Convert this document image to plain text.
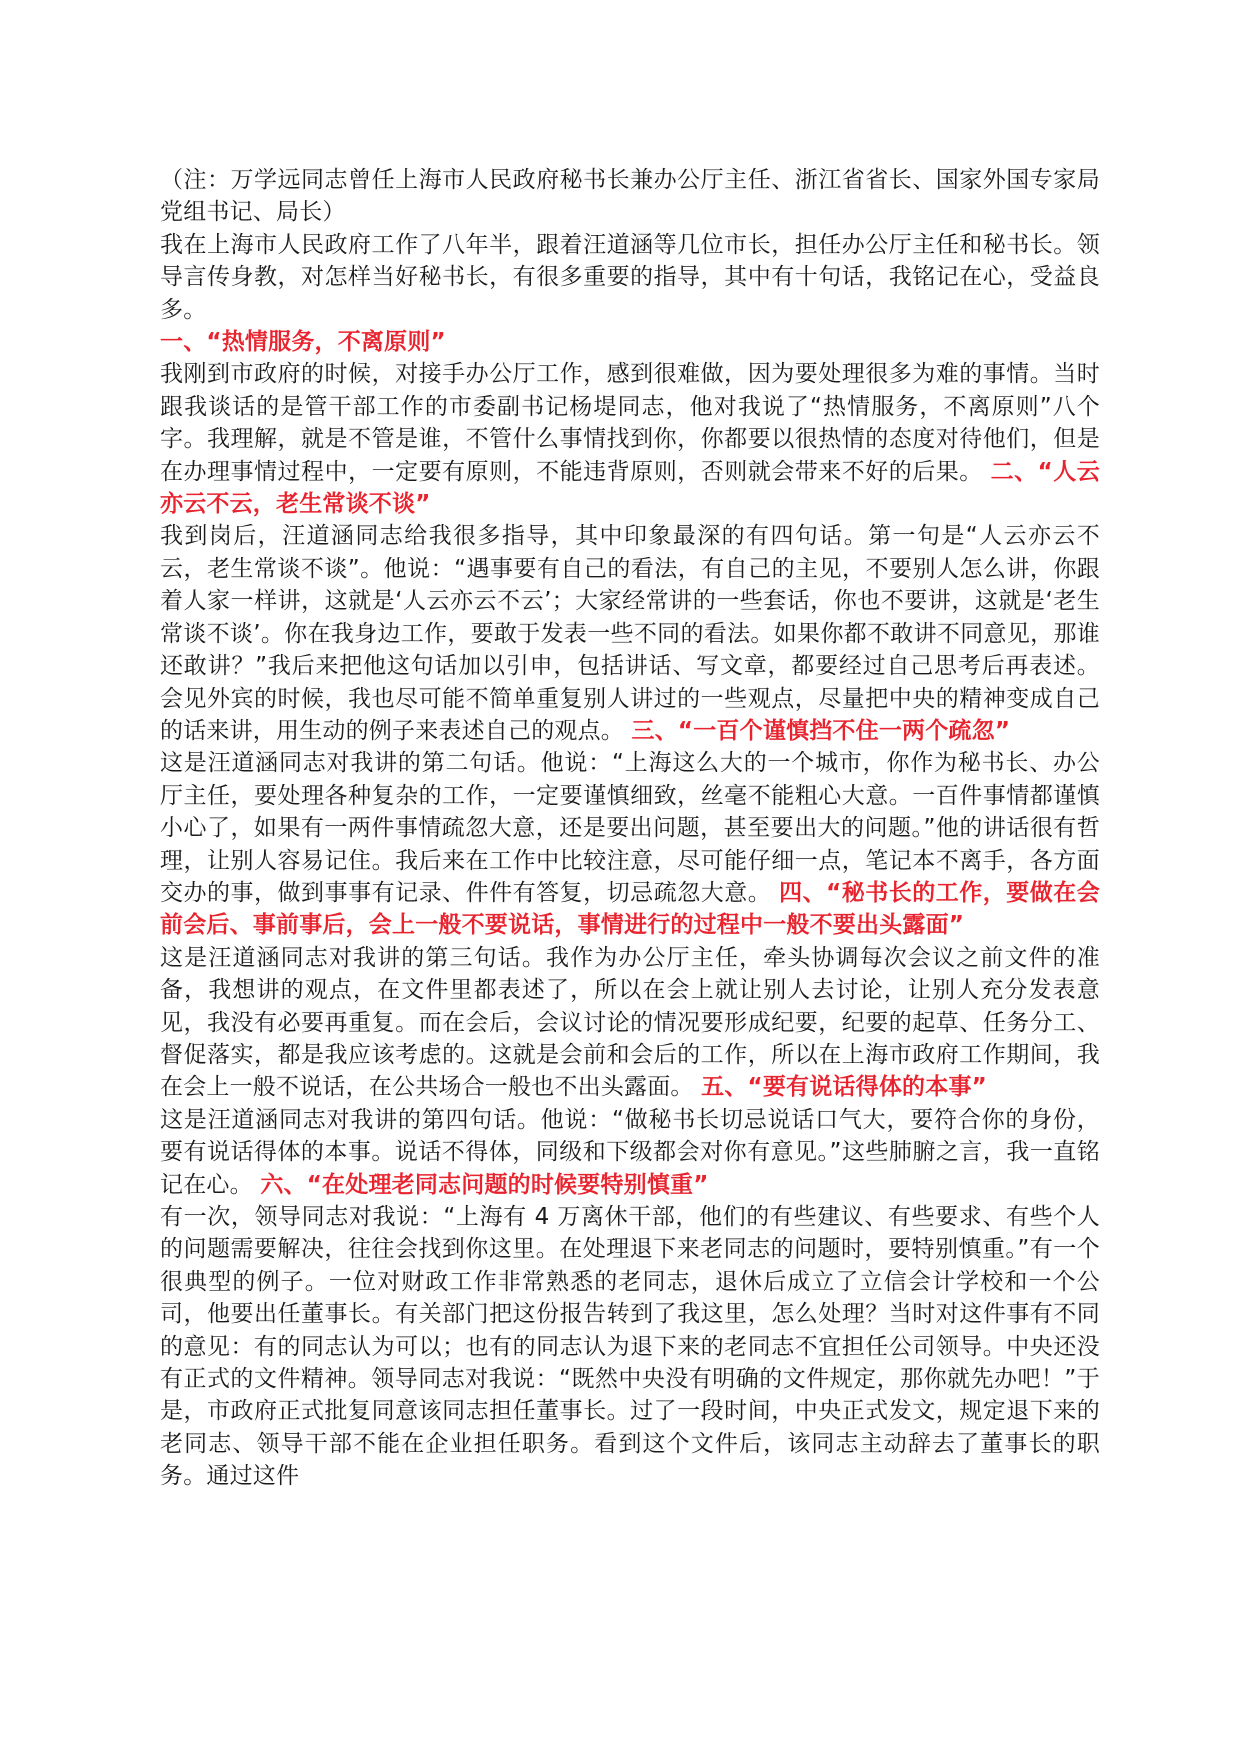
（注：万学远同志曾任上海市人民政府秘书长兼办公厅主任、浙江省省长、国家外国专家局党组书记、局长）

我在上海市人民政府工作了八年半，跟着汪道涵等几位市长，担任办公厅主任和秘书长。领导言传身教，对怎样当好秘书长，有很多重要的指导，其中有十句话，我铭记在心，受益良多。

一、“热情服务，不离原则”

我刚到市政府的时候，对接手办公厅工作，感到很难做，因为要处理很多为难的事情。当时跟我谈话的是管干部工作的市委副书记杨堤同志，他对我说了“热情服务，不离原则”八个字。我理解，就是不管是谁，不管什么事情找到你，你都要以很热情的态度对待他们，但是在办理事情过程中，一定要有原则，不能违背原则，否则就会带来不好的后果。 二、“人云亦云不云，老生常谈不谈”

我到岗后，汪道涵同志给我很多指导，其中印象最深的有四句话。第一句是“人云亦云不云，老生常谈不谈”。他说：“遇事要有自己的看法，有自己的主见，不要别人怎么讲，你跟着人家一样讲，这就是‘人云亦云不云’；大家经常讲的一些套话，你也不要讲，这就是‘老生常谈不谈’。你在我身边工作，要敢于发表一些不同的看法。如果你都不敢讲不同意见，那谁还敢讲？”我后来把他这句话加以引申，包括讲话、写文章，都要经过自己思考后再表述。会见外宾的时候，我也尽可能不简单重复别人讲过的一些观点，尽量把中央的精神变成自己的话来讲，用生动的例子来表述自己的观点。 三、“一百个谨慎挡不住一两个疏忽”

这是汪道涵同志对我讲的第二句话。他说：“上海这么大的一个城市，你作为秘书长、办公厅主任，要处理各种复杂的工作，一定要谨慎细致，丝毫不能粗心大意。一百件事情都谨慎小心了，如果有一两件事情疏忽大意，还是要出问题，甚至要出大的问题。”他的讲话很有哲理，让别人容易记住。我后来在工作中比较注意，尽可能仔细一点，笔记本不离手，各方面交办的事，做到事事有记录、件件有答复，切忌疏忽大意。 四、“秘书长的工作，要做在会前会后、事前事后，会上一般不要说话，事情进行的过程中一般不要出头露面”

这是汪道涵同志对我讲的第三句话。我作为办公厅主任，牵头协调每次会议之前文件的准备，我想讲的观点，在文件里都表述了，所以在会上就让别人去讨论，让别人充分发表意见，我没有必要再重复。而在会后，会议讨论的情况要形成纪要，纪要的起草、任务分工、督促落实，都是我应该考虑的。这就是会前和会后的工作，所以在上海市政府工作期间，我在会上一般不说话，在公共场合一般也不出头露面。 五、“要有说话得体的本事”

这是汪道涵同志对我讲的第四句话。他说：“做秘书长切忌说话口气大，要符合你的身份，要有说话得体的本事。说话不得体，同级和下级都会对你有意见。”这些肺腑之言，我一直铭记在心。 六、“在处理老同志问题的时候要特别慎重”

有一次，领导同志对我说：“上海有 4 万离休干部，他们的有些建议、有些要求、有些个人的问题需要解决，往往会找到你这里。在处理退下来老同志的问题时，要特别慎重。”有一个很典型的例子。一位对财政工作非常熟悉的老同志，退休后成立了立信会计学校和一个公司，他要出任董事长。有关部门把这份报告转到了我这里，怎么处理？当时对这件事有不同的意见：有的同志认为可以；也有的同志认为退下来的老同志不宜担任公司领导。中央还没有正式的文件精神。领导同志对我说：“既然中央没有明确的文件规定，那你就先办吧！”于是，市政府正式批复同意该同志担任董事长。过了一段时间，中央正式发文，规定退下来的老同志、领导干部不能在企业担任职务。看到这个文件后，该同志主动辞去了董事长的职务。通过这件
